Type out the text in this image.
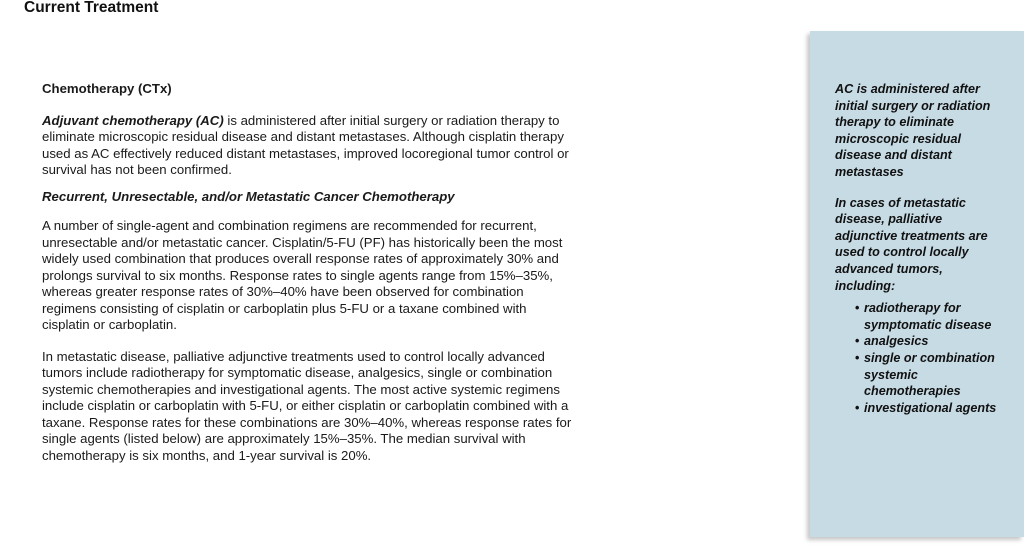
Current Treatment

Chemotherapy (CTx)

Adjuvant chemotherapy (AC) is administered after initial surgery or radiation therapy to eliminate microscopic residual disease and distant metastases. Although cisplatin therapy used as AC effectively reduced distant metastases, improved locoregional tumor control or survival has not been confirmed.

Recurrent, Unresectable, and/or Metastatic Cancer Chemotherapy

A number of single-agent and combination regimens are recommended for recurrent, unresectable and/or metastatic cancer. Cisplatin/5-FU (PF) has historically been the most widely used combination that produces overall response rates of approximately 30% and prolongs survival to six months. Response rates to single agents range from 15%–35%, whereas greater response rates of 30%–40% have been observed for combination regimens consisting of cisplatin or carboplatin plus 5-FU or a taxane combined with cisplatin or carboplatin.

In metastatic disease, palliative adjunctive treatments used to control locally advanced tumors include radiotherapy for symptomatic disease, analgesics, single or combination systemic chemotherapies and investigational agents. The most active systemic regimens include cisplatin or carboplatin with 5-FU, or either cisplatin or carboplatin combined with a taxane. Response rates for these combinations are 30%–40%, whereas response rates for single agents (listed below) are approximately 15%–35%. The median survival with chemotherapy is six months, and 1-year survival is 20%.

AC is administered after initial surgery or radiation therapy to eliminate microscopic residual disease and distant metastases

In cases of metastatic disease, palliative adjunctive treatments are used to control locally advanced tumors, including:

• radiotherapy for symptomatic disease
• analgesics
• single or combination systemic chemotherapies
• investigational agents
